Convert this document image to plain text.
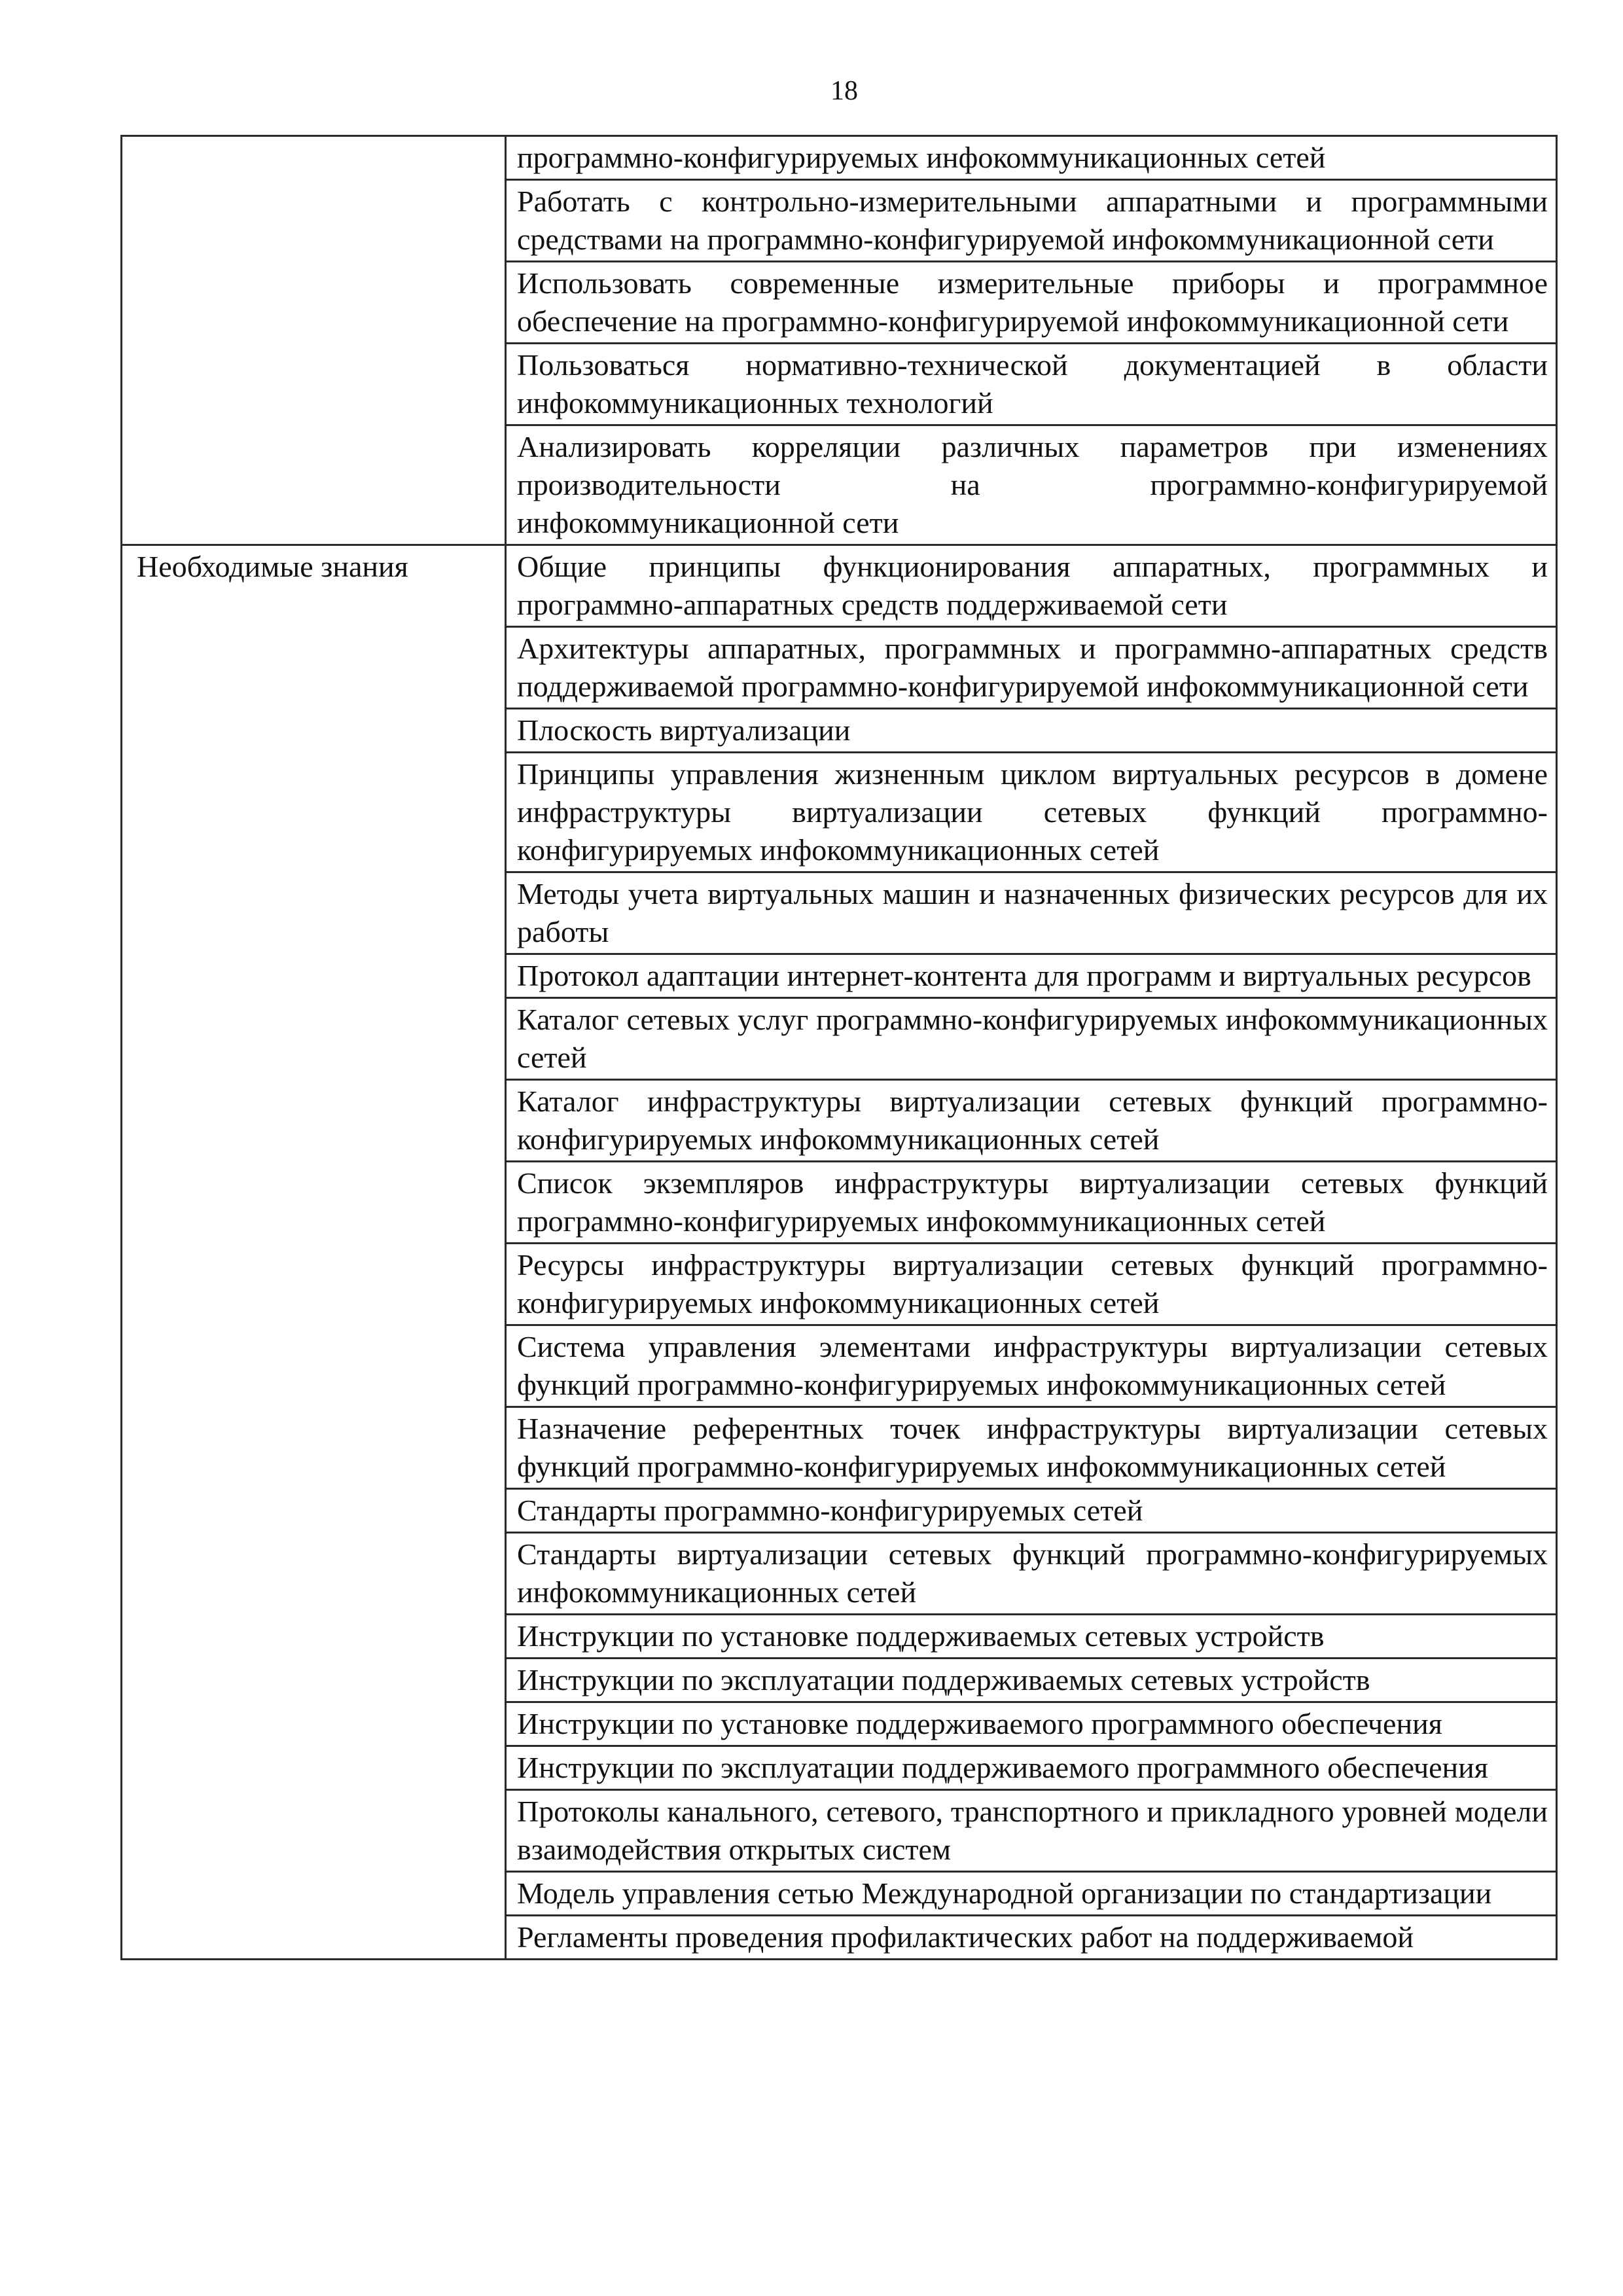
18
	программно-конфигурируемых инфокоммуникационных сетей
	Работать с контрольно-измерительными аппаратными и программными средствами на программно-конфигурируемой инфокоммуникационной сети
	Использовать современные измерительные приборы и программное обеспечение на программно-конфигурируемой инфокоммуникационной сети
	Пользоваться нормативно-технической документацией в области инфокоммуникационных технологий
	Анализировать корреляции различных параметров при изменениях производительности на программно-конфигурируемой инфокоммуникационной сети
Необходимые знания	Общие принципы функционирования аппаратных, программных и программно-аппаратных средств поддерживаемой сети
	Архитектуры аппаратных, программных и программно-аппаратных средств поддерживаемой программно-конфигурируемой инфокоммуникационной сети
	Плоскость виртуализации
	Принципы управления жизненным циклом виртуальных ресурсов в домене инфраструктуры виртуализации сетевых функций программно-конфигурируемых инфокоммуникационных сетей
	Методы учета виртуальных машин и назначенных физических ресурсов для их работы
	Протокол адаптации интернет-контента для программ и виртуальных ресурсов
	Каталог сетевых услуг программно-конфигурируемых инфокоммуникационных сетей
	Каталог инфраструктуры виртуализации сетевых функций программно-конфигурируемых инфокоммуникационных сетей
	Список экземпляров инфраструктуры виртуализации сетевых функций программно-конфигурируемых инфокоммуникационных сетей
	Ресурсы инфраструктуры виртуализации сетевых функций программно-конфигурируемых инфокоммуникационных сетей
	Система управления элементами инфраструктуры виртуализации сетевых функций программно-конфигурируемых инфокоммуникационных сетей
	Назначение референтных точек инфраструктуры виртуализации сетевых функций программно-конфигурируемых инфокоммуникационных сетей
	Стандарты программно-конфигурируемых сетей
	Стандарты виртуализации сетевых функций программно-конфигурируемых инфокоммуникационных сетей
	Инструкции по установке поддерживаемых сетевых устройств
	Инструкции по эксплуатации поддерживаемых сетевых устройств
	Инструкции по установке поддерживаемого программного обеспечения
	Инструкции по эксплуатации поддерживаемого программного обеспечения
	Протоколы канального, сетевого, транспортного и прикладного уровней модели взаимодействия открытых систем
	Модель управления сетью Международной организации по стандартизации
	Регламенты проведения профилактических работ на поддерживаемой
